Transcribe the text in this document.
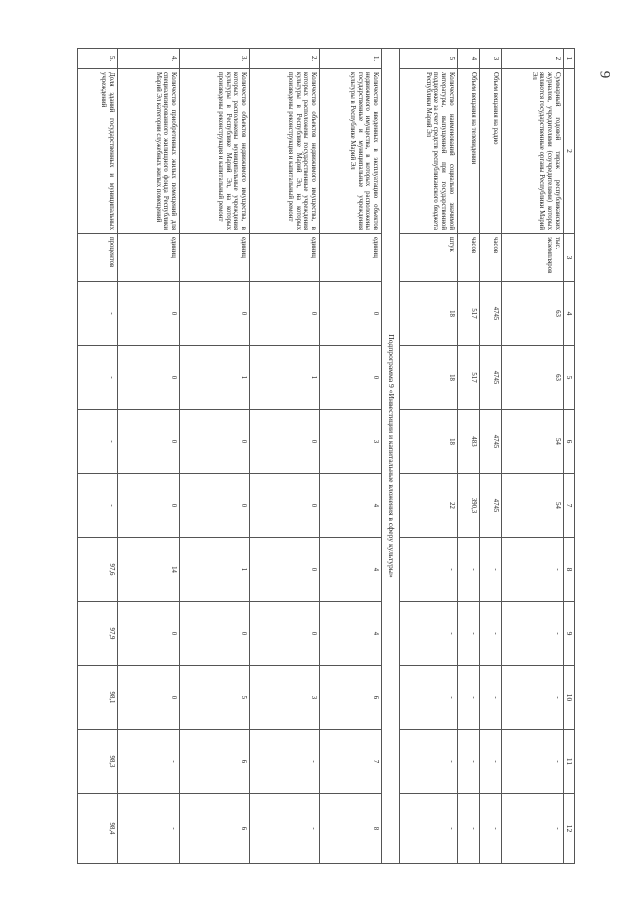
9
1	2	3	4	5	6	7	8	9	10	11	12
2	Суммарный годовой тираж республиканских журналов, учредителями (соучредителями) которых являются государственные органы Республики Марий Эл	тыс. экземпляров	63	63	54	54	-	-	-	-	-
3	Объем вещания на радио	часов	4745	4745	4745	4745	-	-	-	-	-
4	Объем вещания на телевидении	часов	517	517	483	390,3	-	-	-	-	-
5	Количество наименований социально значимой литературы, выпущенной при государственной поддержке за счет средств республиканского бюджета Республики Марий Эл	штук	18	18	18	22	-	-	-	-	-
Подпрограмма 9 «Инвестиции и капитальные вложения в сферу культуры»											
1.	Количество введенных в эксплуатацию объектов недвижимого имущества, в которых расположены государственные и муниципальные учреждения культуры в Республике Марий Эл	единиц	0	0	3	4	4	4	6	7	8
2.	Количество объектов недвижимого имущества, в которых расположены государственные учреждения культуры в Республике Марий Эл, на которых произведены реконструкция и капитальный ремонт	единиц	0	1	0	0	0	0	3	-	-
3.	Количество объектов недвижимого имущества, в которых расположены муниципальные учреждения культуры в Республике Марий Эл, на которых произведены реконструкция и капитальный ремонт	единиц	0	1	0	0	1	0	5	6	6
4.	Количество приобретенных жилых помещений для специализированного жилищного фонда Республики Марий Эл категории служебных жилых помещений	единиц	0	0	0	0	14	0	0	-	-
5.	Доля зданий государственных и муниципальных учреждений	процентов	-	-	-	-	97,6	97,9	98,1	98,3	98,4
